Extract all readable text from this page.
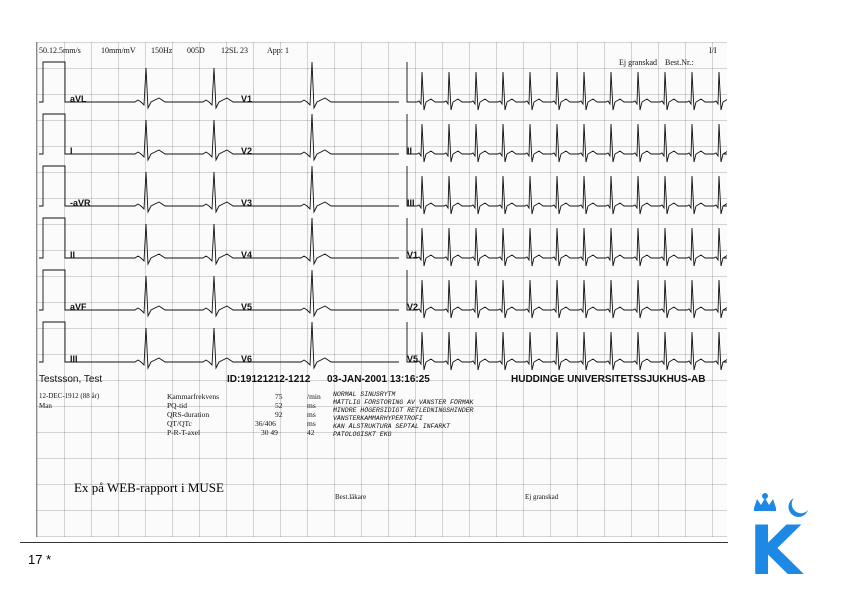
50.12.5mm/s	10mm/mV 150Hz 005D 12SL 23 App: 1
Ej granskad Best.Nr.:
I/I
aVL
I
-aVR
II
aVF
III
V1
V2
V3
V4
V5
V6
II
III
V1
V2
V5
Testsson, Test	ID:19121212-1212 03-JAN-2001 13:16:25	HUDDINGE UNIVERSITETSSJUKHUS-AB
12-DEC-1912 (88 år)
Man
Kammarfrekvens	75	/min
PQ-tid	52	ms
QRS-duration	92	ms
QT/QTc	36/406	ms
P-R-T-axel	30 49	42
NORMAL SINUSRYTM
MÅTTLIG FÖRSTORING AV VÄNSTER FÖRMAK
MINDRE HÖGERSIDIGT RETLEDNINGSHINDER
VÄNSTERKAMMARHYPERTROFI
KAN ÅLSTRUKTURA SEPTAL INFARKT
PATOLOGISKT EKG
Best.läkare	Ej granskad
Ex på WEB-rapport i MUSE
17 *	K
